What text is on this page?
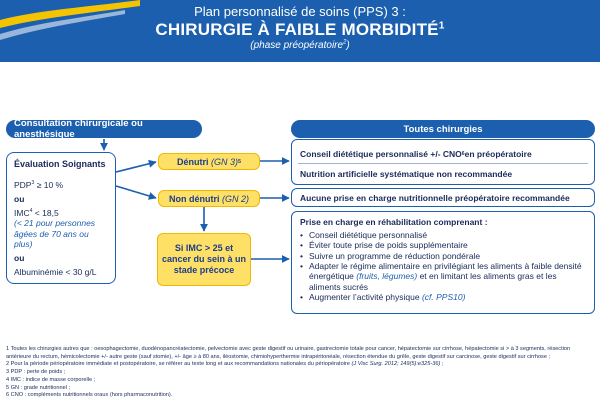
Plan personnalisé de soins (PPS) 3 :
CHIRURGIE À FAIBLE MORBIDITÉ$^1$
(phase préopératoire$^2$)
Consultation chirurgicale ou anesthésique
Évaluation Soignants
$PDP^3 \ge 10$ %
ou
$IMC^4 < 18,5$
(< 21 pour personnes âgées de 70 ans ou plus)
ou
Albuminémie < 30 g/L
Dénutri
(GN 3) 5
Non dénutri
(GN 2)
Si IMC > 25 et cancer du sein à un stade précoce
Toutes chirurgies
Conseil diététique personnalisé +/- CNO 6 en préopératoire
Nutrition artificielle systématique non recommandée
Aucune prise en charge nutritionnelle préopératoire recommandée
Prise en charge en réhabilitation comprenant :
• Conseil diététique personnalisé
• Éviter toute prise de poids supplémentaire
• Suivre un programme de réduction pondérale
• Adapter le régime alimentaire en privilégiant les aliments à faible densité énergétique (fruits, légumes) et en limitant les aliments gras et les aliments sucrés
• Augmenter l’activité physique (cf. PPS10)
1 Toutes les chirurgies autres que : oesophagectomie, duodénopancréatectomie, pelvectomie avec geste digestif ou urinaire, gastrectomie totale pour cancer, hépatectomie sur cirrhose, hépatectomie si > à 3 segments, résection antérieure du rectum, hémicolectomie +/- autre geste (sauf stomie), +/- âge ≥ à 80 ans, iléostomie, chimiohyperthermie intrapéritonéale, résection étendue du grêle, geste digestif sur carcinose, geste digestif sur cirrhose ;
2 Pour la période périopératoire immédiate et postopératoire, se référer au texte long et aux recommandations nationales du périopératoire (J Visc Surg. 2012; 149(5):e325-36) ;
3 PDP : perte de poids ;
4 IMC : indice de masse corporelle ;
5 GN : grade nutritionnel ;
6 CNO : compléments nutritionnels oraux (hors pharmaconutrition).
